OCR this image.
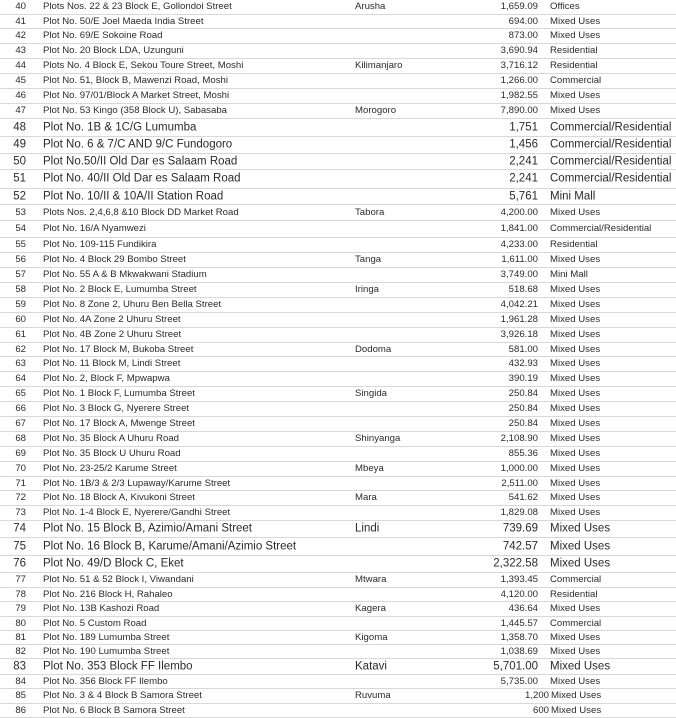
40 Plots Nos. 22 & 23 Block E, Gollondoi Street	Arusha	1,659.09 Offices
41 Plot No. 50/E Joel Maeda India Street	694.00 Mixed Uses
42 Plot No. 69/E Sokoine Road	873.00 Mixed Uses
43 Plot No. 20 Block LDA, Uzunguni	3,690.94 Residential
44 Plots No. 4 Block E, Sekou Toure Street, Moshi	Kilimanjaro	3,716.12 Residential
45 Plot No. 51, Block B, Mawenzi Road, Moshi	1,266.00 Commercial
46 Plot No. 97/01/Block A Market Street, Moshi	1,982.55 Mixed Uses
47 Plot No. 53 Kingo (358 Block U), Sabasaba	Morogoro	7,890.00 Mixed Uses
48 Plot No. 1B & 1C/G Lumumba	1,751 Commercial/Residential
49 Plot No. 6 & 7/C AND 9/C Fundogoro	1,456 Commercial/Residential
50 Plot No.50/II Old Dar es Salaam Road	2,241 Commercial/Residential
51 Plot No. 40/II Old Dar es Salaam Road	2,241 Commercial/Residential
52 Plot No. 10/II & 10A/II Station Road	5,761 Mini Mall
53 Plots Nos. 2,4,6,8 &10 Block DD Market Road	Tabora	4,200.00 Mixed Uses
54 Plot No. 16/A Nyamwezi	1,841.00 Commercial/Residential
55 Plot No. 109-115 Fundikira	4,233.00 Residential
56 Plot No. 4 Block 29 Bombo Street	Tanga	1,611.00 Mixed Uses
57 Plot No. 55 A & B Mkwakwani Stadium	3,749.00 Mini Mall
58 Plot No. 2 Block E, Lumumba Street	Iringa	518.68 Mixed Uses
59 Plot No. 8 Zone 2, Uhuru Ben Bella Street	4,042.21 Mixed Uses
60 Plot No. 4A Zone 2 Uhuru Street	1,961.28 Mixed Uses
61 Plot No. 4B Zone 2 Uhuru Street	3,926.18 Mixed Uses
62 Plot No. 17 Block M, Bukoba Street	Dodoma	581.00 Mixed Uses
63 Plot No. 11 Block M, Lindi Street	432.93 Mixed Uses
64 Plot No. 2, Block F, Mpwapwa	390.19 Mixed Uses
65 Plot No. 1 Block F, Lumumba Street	Singida	250.84 Mixed Uses
66 Plot No. 3 Block G, Nyerere Street	250.84 Mixed Uses
67 Plot No. 17 Block A, Mwenge Street	250.84 Mixed Uses
68 Plot No. 35 Block A Uhuru Road	Shinyanga	2,108.90 Mixed Uses
69 Plot No. 35 Block U Uhuru Road	855.36 Mixed Uses
70 Plot No. 23-25/2 Karume Street	Mbeya	1,000.00 Mixed Uses
71 Plot No. 1B/3 & 2/3 Lupaway/Karume Street	2,511.00 Mixed Uses
72 Plot No. 18 Block A, Kivukoni Street	Mara	541.62 Mixed Uses
73 Plot No. 1-4 Block E, Nyerere/Gandhi Street	1,829.08 Mixed Uses
74 Plot No. 15 Block B, Azimio/Amani Street	Lindi	739.69 Mixed Uses
75 Plot No. 16 Block B, Karume/Amani/Azimio Street	742.57 Mixed Uses
76 Plot No. 49/D Block C, Eket	2,322.58 Mixed Uses
77 Plot No. 51 & 52 Block I, Viwandani	Mtwara	1,393.45 Commercial
78 Plot No. 216 Block H, Rahaleo	4,120.00 Residential
79 Plot No. 13B Kashozi Road	Kagera	436.64 Mixed Uses
80 Plot No. 5 Custom Road	1,445.57 Commercial
81 Plot No. 189 Lumumba Street	Kigoma	1,358.70 Mixed Uses
82 Plot No. 190 Lumumba Street	1,038.69 Mixed Uses
83 Plot No. 353 Block FF Ilembo	Katavi	5,701.00 Mixed Uses
84 Plot No. 356 Block FF Ilembo	5,735.00 Mixed Uses
85 Plot No. 3 & 4 Block B Samora Street	Ruvuma	1,200 Mixed Uses
86 Plot No. 6 Block B Samora Street	600 Mixed Uses
